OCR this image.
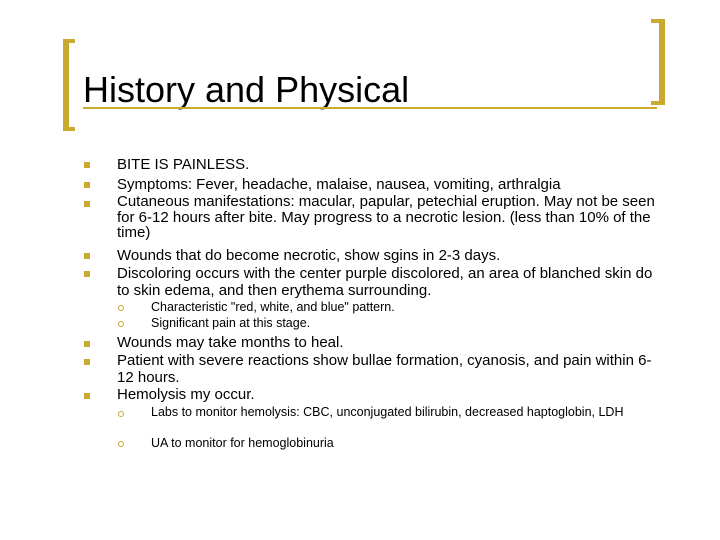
History and Physical
BITE IS PAINLESS.
Symptoms: Fever, headache, malaise, nausea, vomiting, arthralgia
Cutaneous manifestations: macular, papular, petechial eruption. May not be seen for 6-12 hours after bite. May progress to a necrotic lesion. (less than 10% of the time)
Wounds that do become necrotic, show sgins in 2-3 days.
Discoloring occurs with the center purple discolored, an area of blanched skin do to skin edema, and then erythema surrounding.
Characteristic "red, white, and blue" pattern.
Significant pain at this stage.
Wounds may take months to heal.
Patient with severe reactions show bullae formation, cyanosis, and pain within 6-12 hours.
Hemolysis my occur.
Labs to monitor hemolysis: CBC, unconjugated bilirubin, decreased haptoglobin, LDH
UA to monitor for hemoglobinuria
